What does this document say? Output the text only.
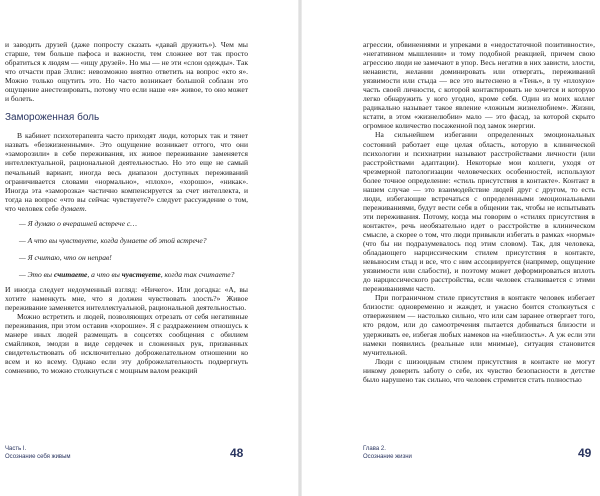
и заводить друзей (даже попросту сказать «давай дружить»). Чем мы старше, тем больше пафоса и важности, тем сложнее вот так просто обратиться к людям — «ищу друзей». Но мы — не эти «слои одежды». Так что отчасти прав Эллис: невозможно внятно ответить на вопрос «кто я». Можно только ощутить это. Но часто возникает большой соблазн это ощущение анестезировать, потому что если наше «я» живое, то оно может и болеть.

Замороженная боль

В кабинет психотерапевта часто приходят люди, которых так и тянет назвать «безжизненными». Это ощущение возникает оттого, что они «заморозили» в себе переживания, их живое переживание заменяется интеллектуальной, рациональной деятельностью. Но это еще не самый печальный вариант, иногда весь диапазон доступных переживаний ограничивается словами «нормально», «плохо», «хорошо», «никак». Иногда эта «заморозка» частично компенсируется за счет интеллекта, и тогда на вопрос «что вы сейчас чувствуете?» следует рассуждение о том, что человек себе думает.

— Я думаю о вчерашней встрече с…

— А что вы чувствуете, когда думаете об этой встрече?

— Я считаю, что он неправ!

— Это вы считаете, а что вы чувствуете, когда так считаете?

И иногда следует недоуменный взгляд: «Ничего». Или догадка: «А, вы хотите наменкуть мне, что я должен чувствовать злость?» Живое переживание заменяется интеллектуальной, рациональной деятельностью.

Можно встретить и людей, позволяющих отрезать от себя негативные переживания, при этом оставив «хорошие». Я с раздражением отношусь к манере иных людей размещать в соцсетях сообщения с обилием смайликов, эмодзи в виде сердечек и сложенных рук, призванных свидетельствовать об исключительно доброжелательном отношении ко всем и ко всему. Однако если эту доброжелательность подвергнуть сомнению, то можно столкнуться с мощным валом реакций

Часть I.
Осознание себя живым	48

агрессии, обвинениями и упреками в «недостаточной позитивности», «негативном мышлении» и тому подобной реакцией, причем свою агрессию люди не замечают в упор. Весь негатив в них зависти, злости, ненависти, желании доминировать или отвергать, переживаний уязвимости или стыда — все это вытеснено в «Тень», в ту «плохую» часть своей личности, с которой контактировать не хочется и которую легко обнаружить у кого угодно, кроме себя. Один из моих коллег радикально называет такое явление «ложным жизнелюбием». Жизни, кстати, в этом «жизнелюбии» мало — это фасад, за которой скрыто огромное количество посаженной под замок энергии.

На сильнейшем избегании определенных эмоциональных состояний работает еще целая область, которую в клинической психологии и психиатрии называют расстройствами личности (или расстройствами адаптации). Некоторые мои коллеги, уходя от чрезмерной патологизации человеческих особенностей, используют более точное определение: «стиль присутствия в контакте». Контакт в нашем случае — это взаимодействие людей друг с другом, то есть люди, избегающие встречаться с определенными эмоциональными переживаниями, будут вести себя в общении так, чтобы не испытывать эти переживания. Потому, когда мы говорим о «стилях присутствия в контакте», речь необязательно идет о расстройстве в клиническом смысле, а скорее о том, что люди привыкли избегать в рамках «нормы» (что бы ни подразумевалось под этим словом). Так, для человека, обладающего нарциссическим стилем присутствия в контакте, невыносим стыд и все, что с ним ассоциируется (например, ощущение уязвимости или слабости), и поэтому может деформироваться вплоть до нарциссического расстройства, если человек сталкивается с этими переживаниями часто.

При пограничном стиле присутствия в контакте человек избегает близости: одновременно и жаждет, и ужасно боится столкнуться с отвержением — настолько сильно, что или сам заранее отвергает того, кто рядом, или до самоотречения пытается добиваться близости и удерживать ее, избегая любых намеков на «неблизость». А уж если эти намеки появились (реальные или мнимые), ситуация становится мучительной.

Люди с шизоидным стилем присутствия в контакте не могут никому доверить заботу о себе, их чувство безопасности в детстве было нарушено так сильно, что человек стремится стать полностью

Глава 2.
Осознание жизни	49
